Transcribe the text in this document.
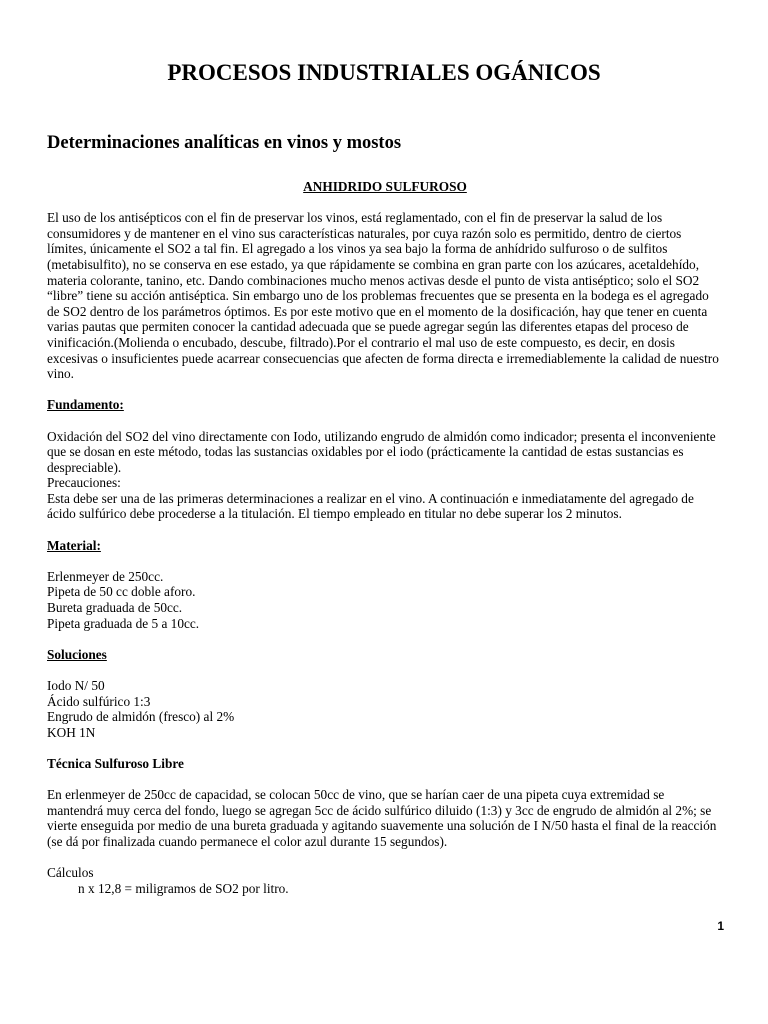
PROCESOS INDUSTRIALES OGÁNICOS
Determinaciones analíticas en vinos y mostos

ANHIDRIDO SULFUROSO

El uso de los antisépticos con el fin de preservar los vinos, está reglamentado, con el fin de preservar la salud de los consumidores y de mantener en el vino sus características naturales, por cuya razón solo es permitido, dentro de ciertos límites, únicamente el SO2 a tal fin. El agregado a los vinos ya sea bajo la forma de anhídrido sulfuroso o de sulfitos (metabisulfito), no se conserva en ese estado, ya que rápidamente se combina en gran parte con los azúcares, acetaldehído, materia colorante, tanino, etc. Dando combinaciones mucho menos activas desde el punto de vista antiséptico; solo el SO2 “libre” tiene su acción antiséptica. Sin embargo uno de los problemas frecuentes que se presenta en la bodega es el agregado de SO2 dentro de los parámetros óptimos. Es por este motivo que en el momento de la dosificación, hay que tener en cuenta varias pautas que permiten conocer la cantidad adecuada que se puede agregar según las diferentes etapas del proceso de vinificación.(Molienda o encubado, descube, filtrado).Por el contrario el mal uso de este compuesto, es decir, en dosis excesivas o insuficientes puede acarrear consecuencias que afecten de forma directa e irremediablemente la calidad de nuestro vino.

Fundamento:

Oxidación del SO2 del vino directamente con Iodo, utilizando engrudo de almidón como indicador; presenta el inconveniente que se dosan en este método, todas las sustancias oxidables por el iodo (prácticamente la cantidad de estas sustancias es despreciable).

Precauciones:

Esta debe ser una de las primeras determinaciones a realizar en el vino. A continuación e inmediatamente del agregado de ácido sulfúrico debe procederse a la titulación. El tiempo empleado en titular no debe superar los 2 minutos.

Material:

Erlenmeyer de 250cc.
Pipeta de 50 cc doble aforo.
Bureta graduada de 50cc.
Pipeta graduada de 5 a 10cc.

Soluciones

Iodo N/ 50
Ácido sulfúrico 1:3
Engrudo de almidón (fresco) al 2%
KOH 1N

Técnica Sulfuroso Libre

En erlenmeyer de 250cc de capacidad, se colocan 50cc de vino, que se harían caer de una pipeta cuya extremidad se mantendrá muy cerca del fondo, luego se agregan 5cc de ácido sulfúrico diluido (1:3) y 3cc de engrudo de almidón al 2%; se vierte enseguida por medio de una bureta graduada y agitando suavemente una solución de I N/50 hasta el final de la reacción (se dá por finalizada cuando permanece el color azul durante 15 segundos).

Cálculos

n x 12,8 = miligramos de SO2 por litro.

1
